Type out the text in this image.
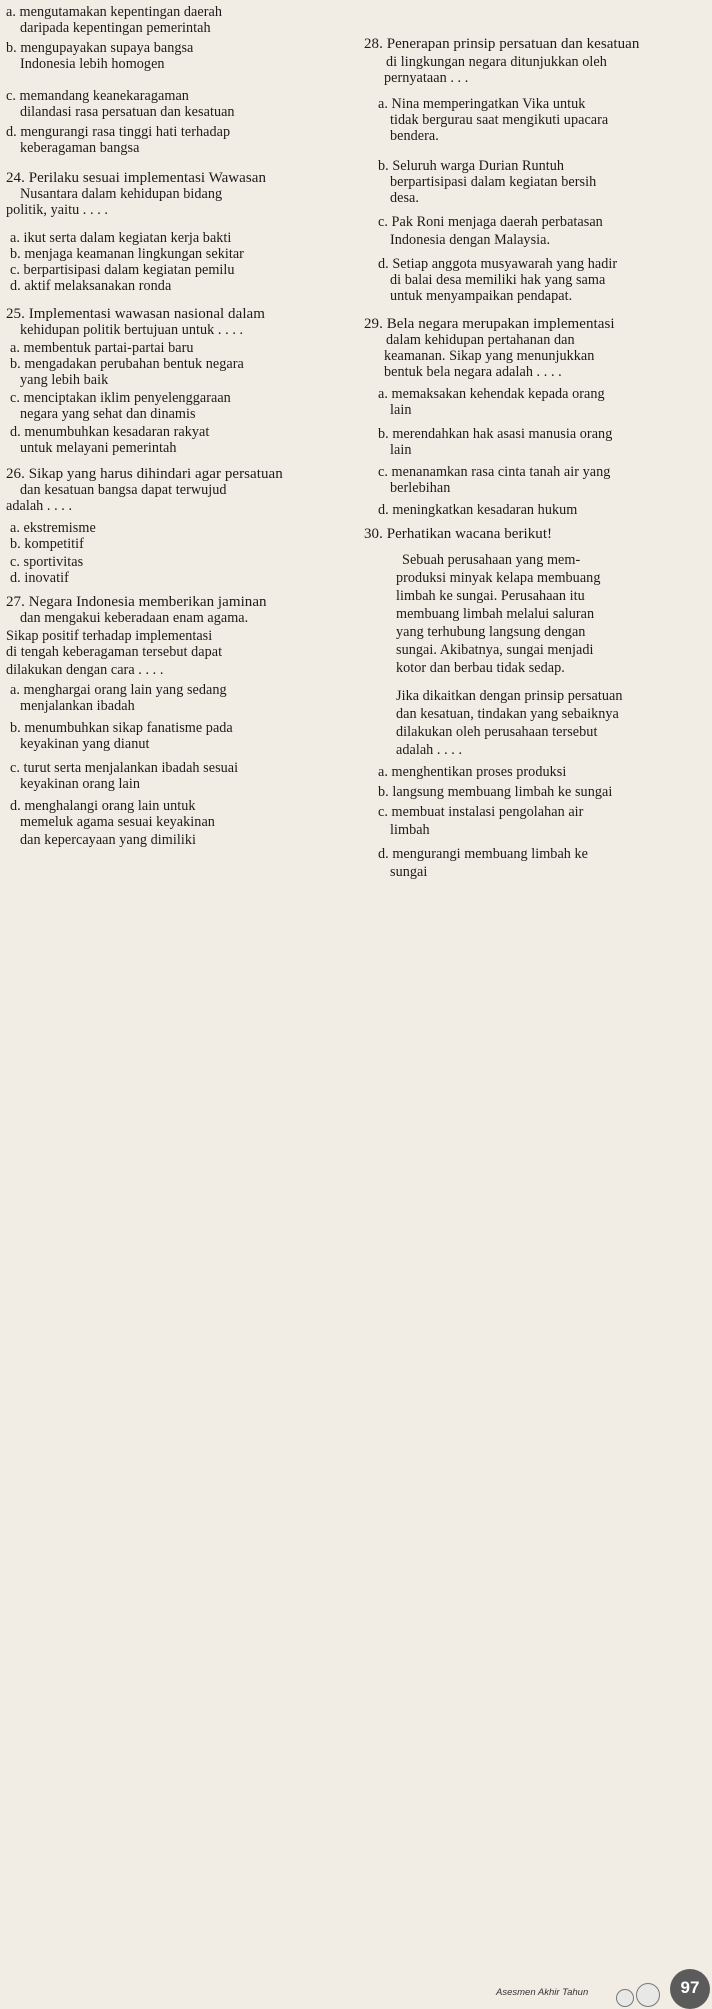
a. mengutamakan kepentingan daerah
daripada kepentingan pemerintah
b. mengupayakan supaya bangsa
Indonesia lebih homogen
c. memandang keanekaragaman
dilandasi rasa persatuan dan kesatuan
d. mengurangi rasa tinggi hati terhadap
keberagaman bangsa
24. Perilaku sesuai implementasi Wawasan
Nusantara dalam kehidupan bidang
politik, yaitu . . . .
a. ikut serta dalam kegiatan kerja bakti
b. menjaga keamanan lingkungan sekitar
c. berpartisipasi dalam kegiatan pemilu
d. aktif melaksanakan ronda
25. Implementasi wawasan nasional dalam
kehidupan politik bertujuan untuk . . . .
a. membentuk partai-partai baru
b. mengadakan perubahan bentuk negara
yang lebih baik
c. menciptakan iklim penyelenggaraan
negara yang sehat dan dinamis
d. menumbuhkan kesadaran rakyat
untuk melayani pemerintah
26. Sikap yang harus dihindari agar persatuan
dan kesatuan bangsa dapat terwujud
adalah . . . .
a. ekstremisme
b. kompetitif
c. sportivitas
d. inovatif
27. Negara Indonesia memberikan jaminan
dan mengakui keberadaan enam agama.
Sikap positif terhadap implementasi
di tengah keberagaman tersebut dapat
dilakukan dengan cara . . . .
a. menghargai orang lain yang sedang
menjalankan ibadah
b. menumbuhkan sikap fanatisme pada
keyakinan yang dianut
c. turut serta menjalankan ibadah sesuai
keyakinan orang lain
d. menghalangi orang lain untuk
memeluk agama sesuai keyakinan
dan kepercayaan yang dimiliki
28. Penerapan prinsip persatuan dan kesatuan
di lingkungan negara ditunjukkan oleh
pernyataan . . .
a. Nina memperingatkan Vika untuk
tidak bergurau saat mengikuti upacara
bendera.
b. Seluruh warga Durian Runtuh
berpartisipasi dalam kegiatan bersih
desa.
c. Pak Roni menjaga daerah perbatasan
Indonesia dengan Malaysia.
d. Setiap anggota musyawarah yang hadir
di balai desa memiliki hak yang sama
untuk menyampaikan pendapat.
29. Bela negara merupakan implementasi
dalam kehidupan pertahanan dan
keamanan. Sikap yang menunjukkan
bentuk bela negara adalah . . . .
a. memaksakan kehendak kepada orang
lain
b. merendahkan hak asasi manusia orang
lain
c. menanamkan rasa cinta tanah air yang
berlebihan
d. meningkatkan kesadaran hukum
30. Perhatikan wacana berikut!
Sebuah perusahaan yang mem-
produksi minyak kelapa membuang
limbah ke sungai. Perusahaan itu
membuang limbah melalui saluran
yang terhubung langsung dengan
sungai. Akibatnya, sungai menjadi
kotor dan berbau tidak sedap.
Jika dikaitkan dengan prinsip persatuan
dan kesatuan, tindakan yang sebaiknya
dilakukan oleh perusahaan tersebut
adalah . . . .
a. menghentikan proses produksi
b. langsung membuang limbah ke sungai
c. membuat instalasi pengolahan air
limbah
d. mengurangi membuang limbah ke
sungai
Asesmen Akhir Tahun	97
